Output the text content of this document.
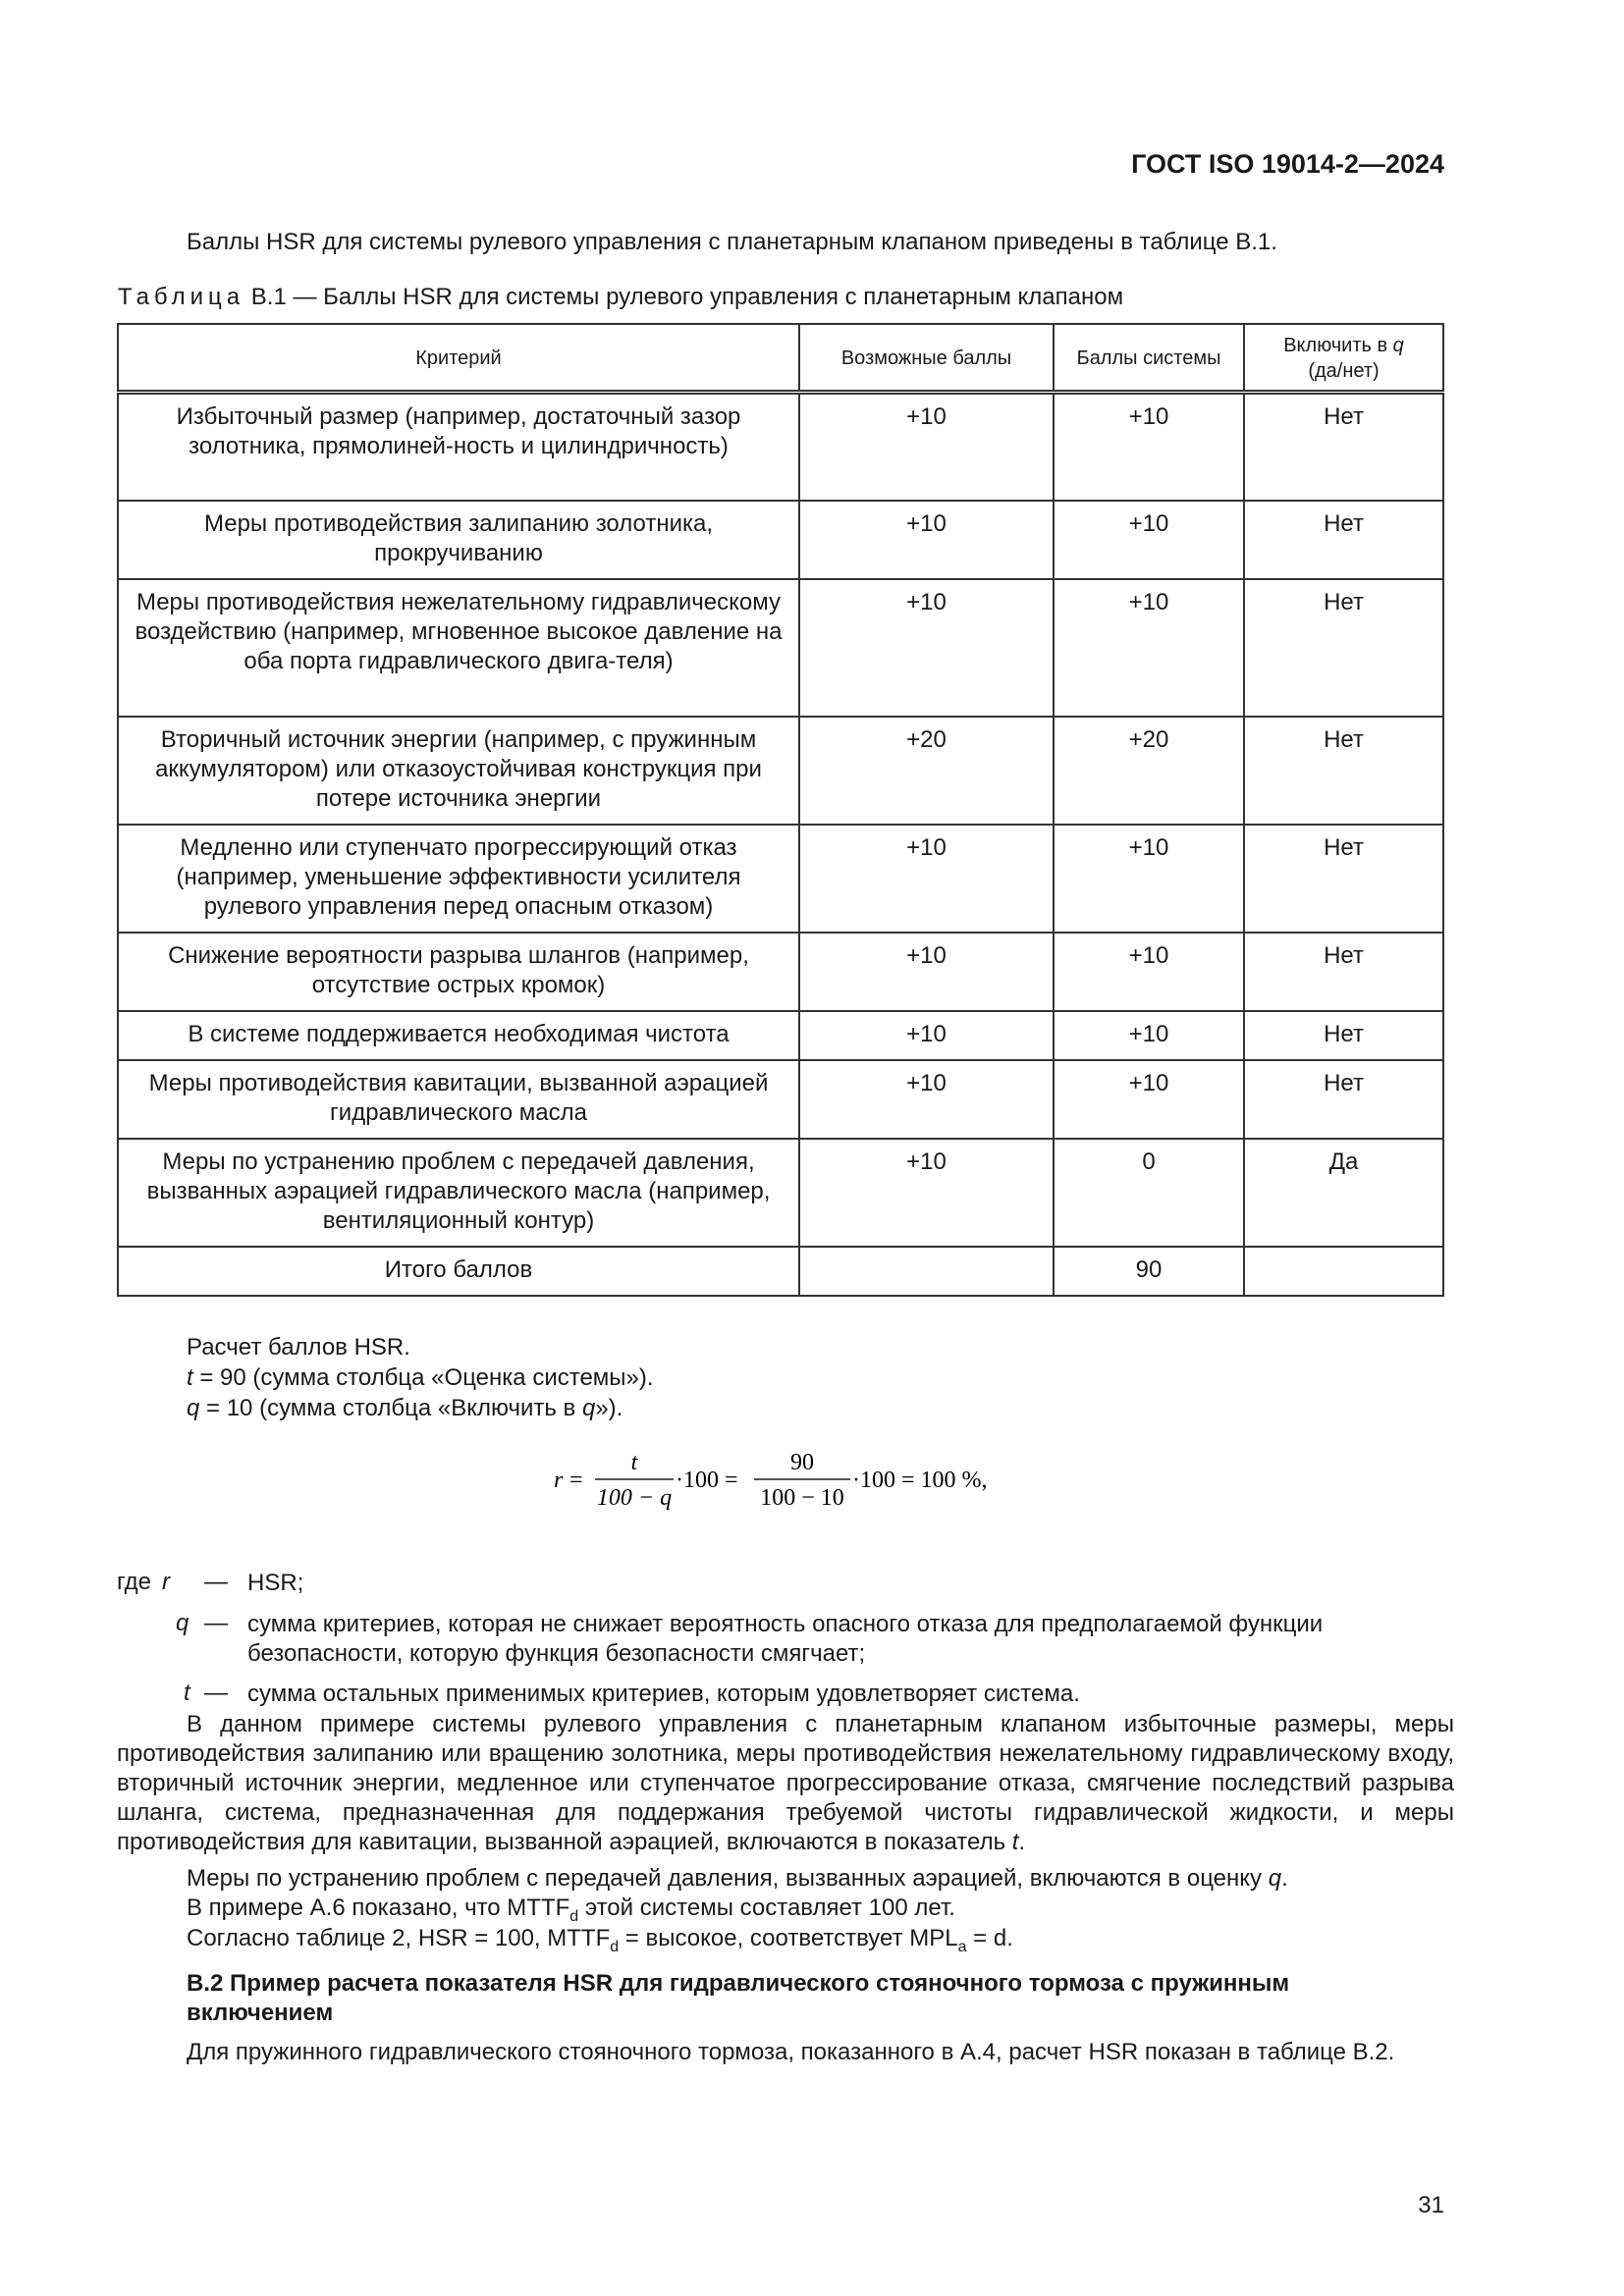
ГОСТ ISO 19014-2—2024
Баллы HSR для системы рулевого управления с планетарным клапаном приведены в таблице В.1.
Таблица В.1 — Баллы HSR для системы рулевого управления с планетарным клапаном
Критерий	Возможные баллы	Баллы системы	Включить в q
(да/нет)
Избыточный размер (например, достаточный зазор золотника, прямолиней-ность и цилиндричность)	+10	+10	Нет
Меры противодействия залипанию золотника, прокручиванию	+10	+10	Нет
Меры противодействия нежелательному гидравлическому воздействию (например, мгновенное высокое давление на оба порта гидравлического двига-теля)	+10	+10	Нет
Вторичный источник энергии (например, с пружинным аккумулятором) или отказоустойчивая конструкция при потере источника энергии	+20	+20	Нет
Медленно или ступенчато прогрессирующий отказ (например, уменьшение эффективности усилителя рулевого управления перед опасным отказом)	+10	+10	Нет
Снижение вероятности разрыва шлангов (например, отсутствие острых кромок)	+10	+10	Нет
В системе поддерживается необходимая чистота	+10	+10	Нет
Меры противодействия кавитации, вызванной аэрацией гидравлического масла	+10	+10	Нет
Меры по устранению проблем с передачей давления, вызванных аэрацией гидравлического масла (например, вентиляционный контур)	+10	0	Да
Итого баллов		90	
Расчет баллов HSR.
t = 90 (сумма столбца «Оценка системы»).
q = 10 (сумма столбца «Включить в q»).
r =
t
100 − q
·100 =
90
100 − 10
·100 = 100 %,
где r — HSR;
q — сумма критериев, которая не снижает вероятность опасного отказа для предполагаемой функции безопасности, которую функция безопасности смягчает;
t — сумма остальных применимых критериев, которым удовлетворяет система.
В данном примере системы рулевого управления с планетарным клапаном избыточные размеры, меры противодействия залипанию или вращению золотника, меры противодействия нежелательному гидравлическому входу, вторичный источник энергии, медленное или ступенчатое прогрессирование отказа, смягчение последствий разрыва шланга, система, предназначенная для поддержания требуемой чистоты гидравлической жидкости, и меры противодействия для кавитации, вызванной аэрацией, включаются в показатель t.
Меры по устранению проблем с передачей давления, вызванных аэрацией, включаются в оценку q.
В примере А.6 показано, что $MTTF_d$ этой системы составляет 100 лет.
Согласно таблице 2, HSR = 100, $MTTF_d$ = высокое, соответствует $MPL_a = d$.
В.2 Пример расчета показателя HSR для гидравлического стояночного тормоза с пружинным включением
Для пружинного гидравлического стояночного тормоза, показанного в А.4, расчет HSR показан в таблице В.2.
31
